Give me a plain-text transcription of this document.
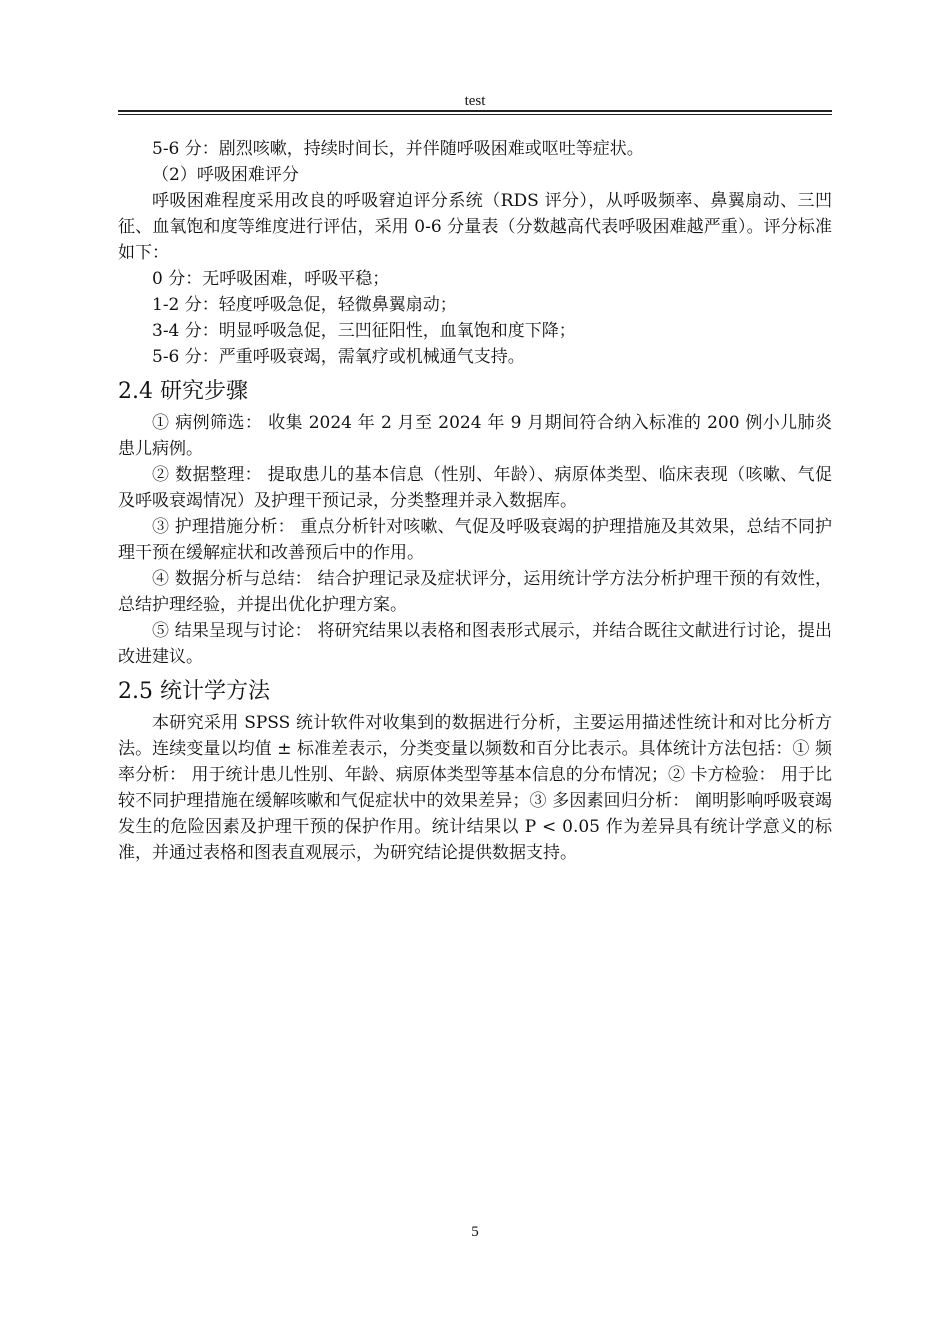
test

5-6 分：剧烈咳嗽，持续时间长，并伴随呼吸困难或呕吐等症状。

（2）呼吸困难评分

呼吸困难程度采用改良的呼吸窘迫评分系统（RDS 评分），从呼吸频率、鼻翼扇动、三凹征、血氧饱和度等维度进行评估，采用 0-6 分量表（分数越高代表呼吸困难越严重）。评分标准如下：

0 分：无呼吸困难，呼吸平稳；

1-2 分：轻度呼吸急促，轻微鼻翼扇动；

3-4 分：明显呼吸急促，三凹征阳性，血氧饱和度下降；

5-6 分：严重呼吸衰竭，需氧疗或机械通气支持。

2.4 研究步骤

① 病例筛选： 收集 2024 年 2 月至 2024 年 9 月期间符合纳入标准的 200 例小儿肺炎患儿病例。

② 数据整理： 提取患儿的基本信息（性别、年龄）、病原体类型、临床表现（咳嗽、气促及呼吸衰竭情况）及护理干预记录，分类整理并录入数据库。

③ 护理措施分析： 重点分析针对咳嗽、气促及呼吸衰竭的护理措施及其效果，总结不同护理干预在缓解症状和改善预后中的作用。

④ 数据分析与总结： 结合护理记录及症状评分，运用统计学方法分析护理干预的有效性，总结护理经验，并提出优化护理方案。

⑤ 结果呈现与讨论： 将研究结果以表格和图表形式展示，并结合既往文献进行讨论，提出改进建议。

2.5 统计学方法

本研究采用 SPSS 统计软件对收集到的数据进行分析，主要运用描述性统计和对比分析方法。连续变量以均值 ± 标准差表示，分类变量以频数和百分比表示。具体统计方法包括：① 频率分析： 用于统计患儿性别、年龄、病原体类型等基本信息的分布情况；② 卡方检验： 用于比较不同护理措施在缓解咳嗽和气促症状中的效果差异；③ 多因素回归分析： 阐明影响呼吸衰竭发生的危险因素及护理干预的保护作用。统计结果以 P < 0.05 作为差异具有统计学意义的标准，并通过表格和图表直观展示，为研究结论提供数据支持。

5
